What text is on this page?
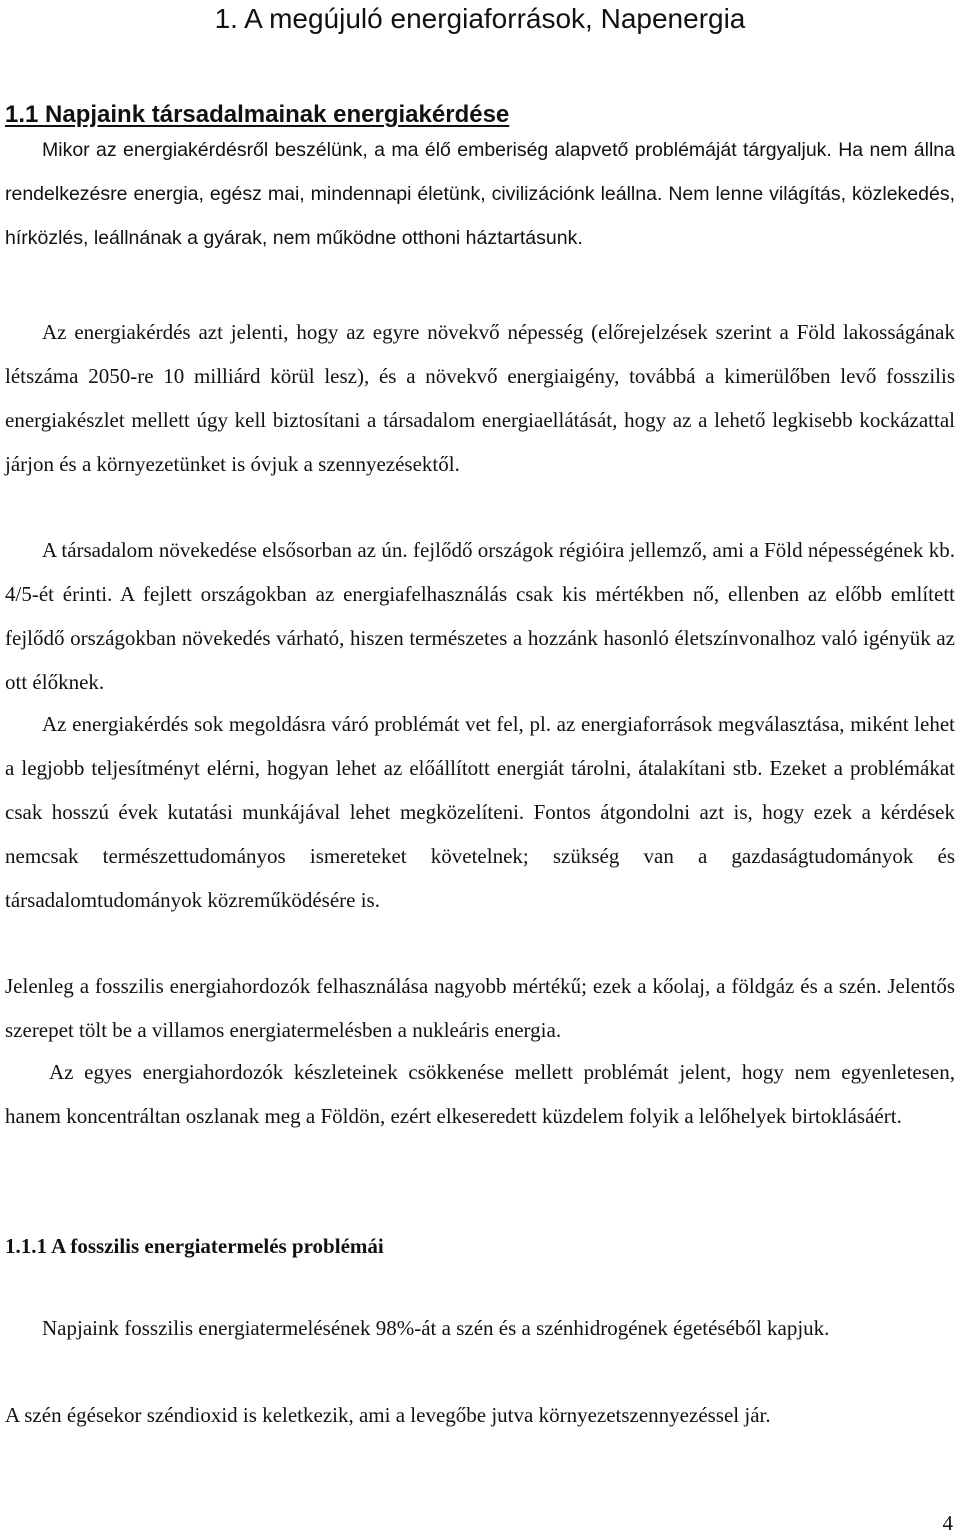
1. A megújuló energiaforrások, Napenergia
1.1 Napjaink társadalmainak energiakérdése

Mikor az energiakérdésről beszélünk, a ma élő emberiség alapvető problémáját tárgyaljuk. Ha nem állna rendelkezésre energia, egész mai, mindennapi életünk, civilizációnk leállna. Nem lenne világítás, közlekedés, hírközlés, leállnának a gyárak, nem működne otthoni háztartásunk.

Az energiakérdés azt jelenti, hogy az egyre növekvő népesség (előrejelzések szerint a Föld lakosságának létszáma 2050-re 10 milliárd körül lesz), és a növekvő energiaigény, továbbá a kimerülőben levő fosszilis energiakészlet mellett úgy kell biztosítani a társadalom energiaellátását, hogy az a lehető legkisebb kockázattal járjon és a környezetünket is óvjuk a szennyezésektől.

A társadalom növekedése elsősorban az ún. fejlődő országok régióira jellemző, ami a Föld népességének kb. 4/5-ét érinti. A fejlett országokban az energiafelhasználás csak kis mértékben nő, ellenben az előbb említett fejlődő országokban növekedés várható, hiszen természetes a hozzánk hasonló életszínvonalhoz való igényük az ott élőknek.

Az energiakérdés sok megoldásra váró problémát vet fel, pl. az energiaforrások megválasztása, miként lehet a legjobb teljesítményt elérni, hogyan lehet az előállított energiát tárolni, átalakítani stb. Ezeket a problémákat csak hosszú évek kutatási munkájával lehet megközelíteni. Fontos átgondolni azt is, hogy ezek a kérdések nemcsak természettudományos ismereteket követelnek; szükség van a gazdaságtudományok és társadalomtudományok közreműködésére is.

Jelenleg a fosszilis energiahordozók felhasználása nagyobb mértékű; ezek a kőolaj, a földgáz és a szén. Jelentős szerepet tölt be a villamos energiatermelésben a nukleáris energia.

Az egyes energiahordozók készleteinek csökkenése mellett problémát jelent, hogy nem egyenletesen, hanem koncentráltan oszlanak meg a Földön, ezért elkeseredett küzdelem folyik a lelőhelyek birtoklásáért.

1.1.1 A fosszilis energiatermelés problémái

Napjaink fosszilis energiatermelésének 98%-át a szén és a szénhidrogének égetéséből kapjuk.

A szén égésekor széndioxid is keletkezik, ami a levegőbe jutva környezetszennyezéssel jár.

4
